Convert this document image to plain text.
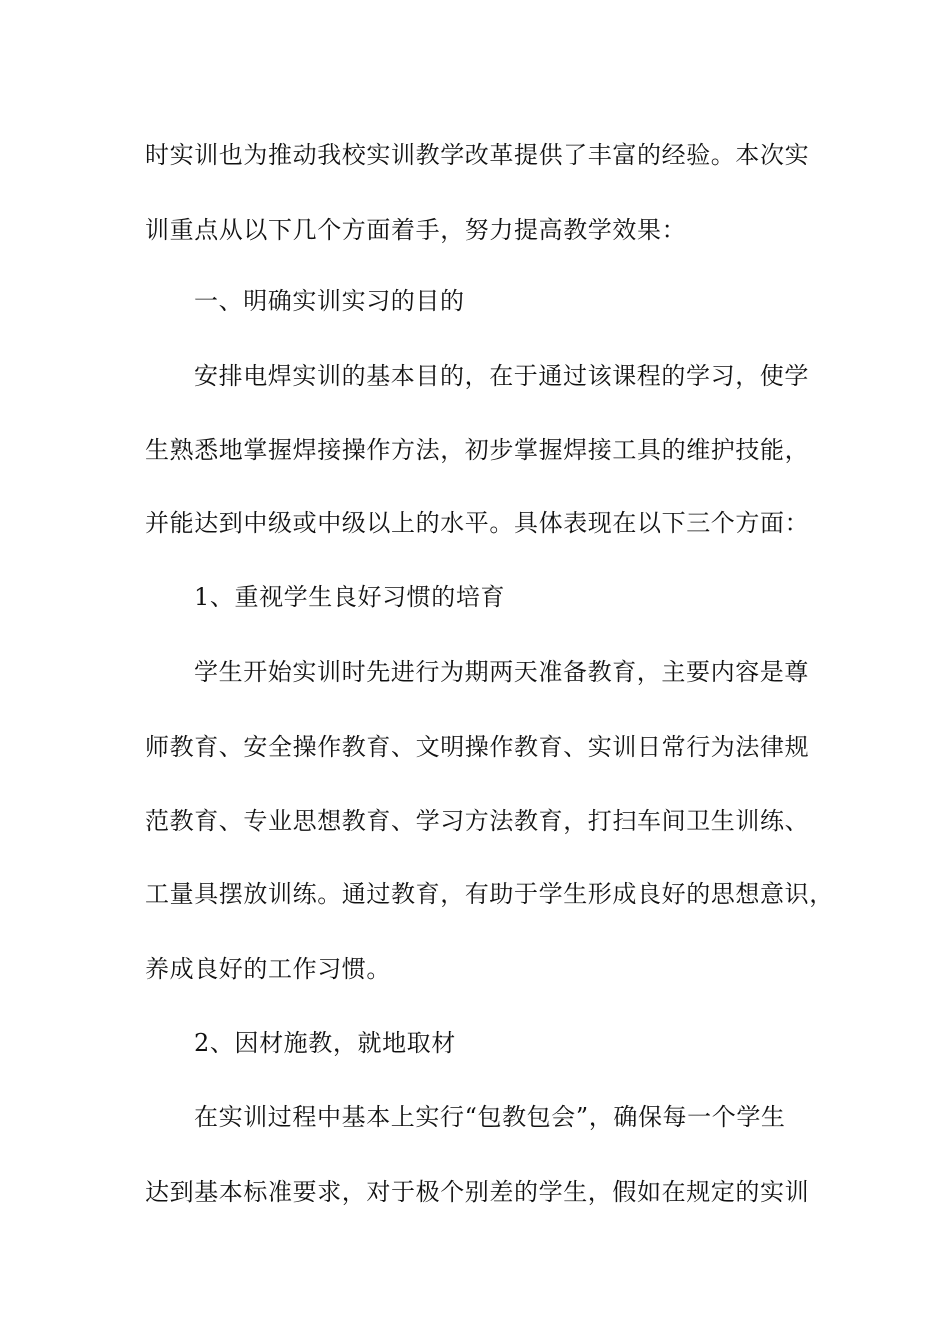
时实训也为推动我校实训教学改革提供了丰富的经验。本次实
训重点从以下几个方面着手，努力提高教学效果：
一、明确实训实习的目的
安排电焊实训的基本目的，在于通过该课程的学习，使学
生熟悉地掌握焊接操作方法，初步掌握焊接工具的维护技能，
并能达到中级或中级以上的水平。具体表现在以下三个方面：
1、重视学生良好习惯的培育
学生开始实训时先进行为期两天准备教育，主要内容是尊
师教育、安全操作教育、文明操作教育、实训日常行为法律规
范教育、专业思想教育、学习方法教育，打扫车间卫生训练、
工量具摆放训练。通过教育，有助于学生形成良好的思想意识，
养成良好的工作习惯。
2、因材施教，就地取材
在实训过程中基本上实行“包教包会”，确保每一个学生
达到基本标准要求，对于极个别差的学生，假如在规定的实训
